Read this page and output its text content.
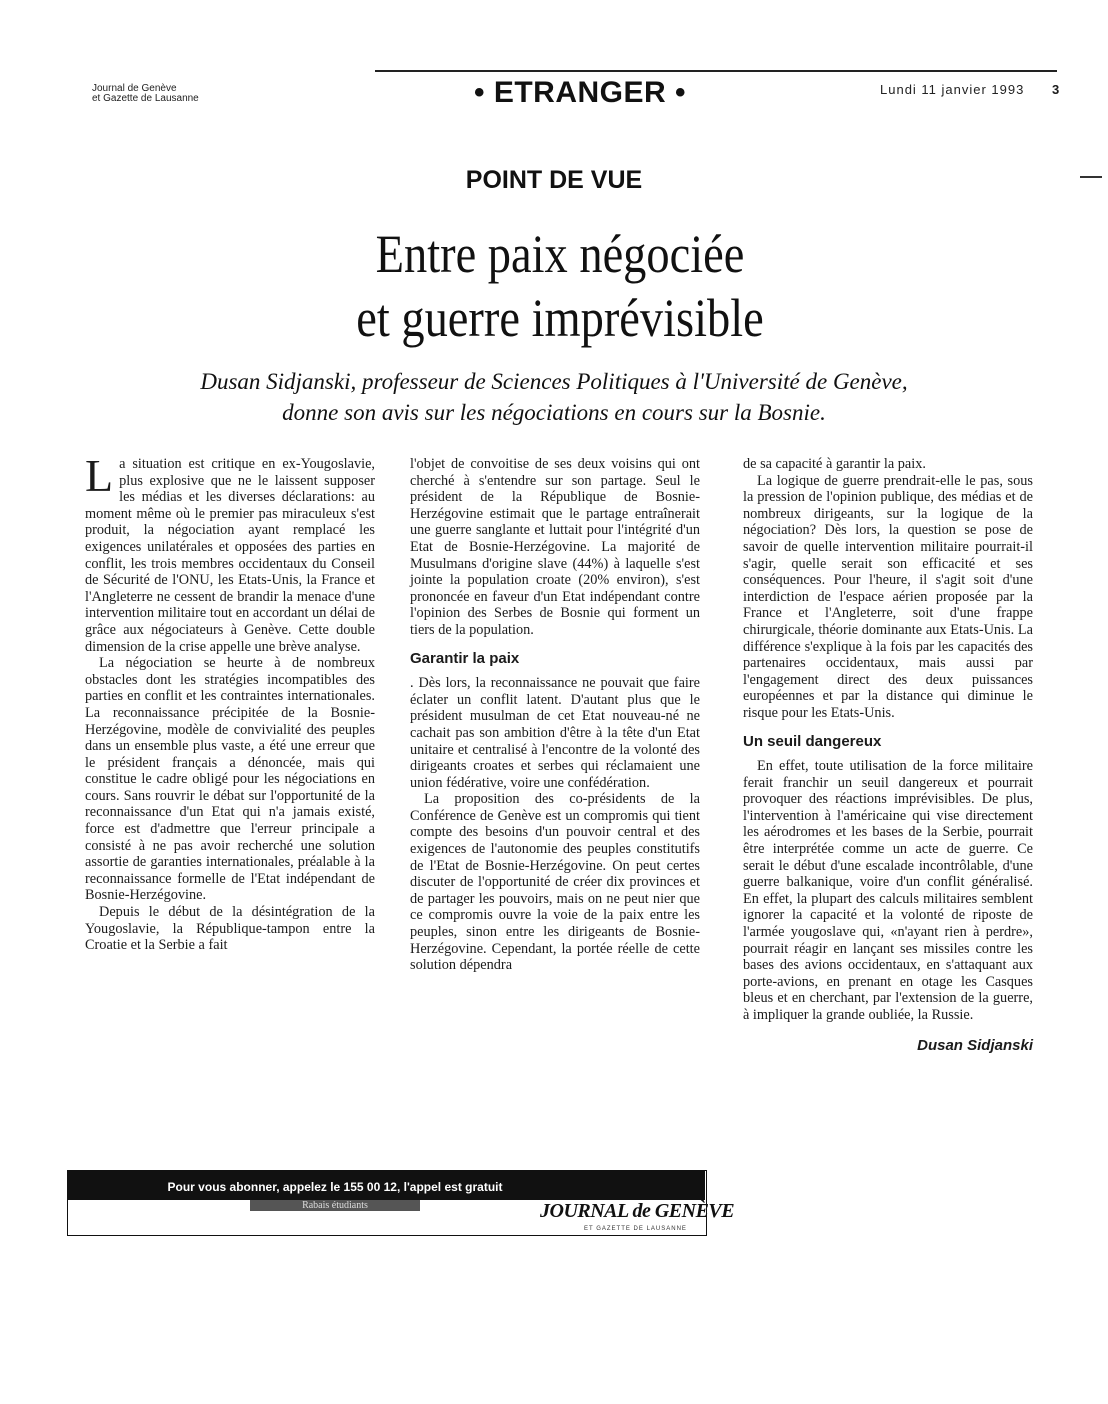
Journal de Genève
et Gazette de Lausanne	• ETRANGER •	Lundi 11 janvier 1993 3
POINT DE VUE
Entre paix négociée
et guerre imprévisible
Dusan Sidjanski, professeur de Sciences Politiques à l'Université de Genève,
donne son avis sur les négociations en cours sur la Bosnie.

La situation est critique en ex-Yougoslavie, plus explosive que ne le laissent supposer les médias et les diverses déclarations: au moment même où le premier pas miraculeux s'est produit, la négociation ayant remplacé les exigences unilatérales et opposées des parties en conflit, les trois membres occidentaux du Conseil de Sécurité de l'ONU, les Etats-Unis, la France et l'Angleterre ne cessent de brandir la menace d'une intervention militaire tout en accordant un délai de grâce aux négociateurs à Genève. Cette double dimension de la crise appelle une brève analyse.

La négociation se heurte à de nombreux obstacles dont les stratégies incompatibles des parties en conflit et les contraintes internationales. La reconnaissance précipitée de la Bosnie-Herzégovine, modèle de convivialité des peuples dans un ensemble plus vaste, a été une erreur que le président français a dénoncée, mais qui constitue le cadre obligé pour les négociations en cours. Sans rouvrir le débat sur l'opportunité de la reconnaissance d'un Etat qui n'a jamais existé, force est d'admettre que l'erreur principale a consisté à ne pas avoir recherché une solution assortie de garanties internationales, préalable à la reconnaissance formelle de l'Etat indépendant de Bosnie-Herzégovine.

Depuis le début de la désintégration de la Yougoslavie, la République-tampon entre la Croatie et la Serbie a fait

l'objet de convoitise de ses deux voisins qui ont cherché à s'entendre sur son partage. Seul le président de la République de Bosnie-Herzégovine estimait que le partage entraînerait une guerre sanglante et luttait pour l'intégrité d'un Etat de Bosnie-Herzégovine. La majorité de Musulmans d'origine slave (44%) à laquelle s'est jointe la population croate (20% environ), s'est prononcée en faveur d'un Etat indépendant contre l'opinion des Serbes de Bosnie qui forment un tiers de la population.

Garantir la paix

. Dès lors, la reconnaissance ne pouvait que faire éclater un conflit latent. D'autant plus que le président musulman de cet Etat nouveau-né ne cachait pas son ambition d'être à la tête d'un Etat unitaire et centralisé à l'encontre de la volonté des dirigeants croates et serbes qui réclamaient une union fédérative, voire une confédération.

La proposition des co-présidents de la Conférence de Genève est un compromis qui tient compte des besoins d'un pouvoir central et des exigences de l'autonomie des peuples constitutifs de l'Etat de Bosnie-Herzégovine. On peut certes discuter de l'opportunité de créer dix provinces et de partager les pouvoirs, mais on ne peut nier que ce compromis ouvre la voie de la paix entre les peuples, sinon entre les dirigeants de Bosnie-Herzégovine. Cependant, la portée réelle de cette solution dépendra

de sa capacité à garantir la paix.

La logique de guerre prendrait-elle le pas, sous la pression de l'opinion publique, des médias et de nombreux dirigeants, sur la logique de la négociation? Dès lors, la question se pose de savoir de quelle intervention militaire pourrait-il s'agir, quelle serait son efficacité et ses conséquences. Pour l'heure, il s'agit soit d'une interdiction de l'espace aérien proposée par la France et l'Angleterre, soit d'une frappe chirurgicale, théorie dominante aux Etats-Unis. La différence s'explique à la fois par les capacités des partenaires occidentaux, mais aussi par l'engagement direct des deux puissances européennes et par la distance qui diminue le risque pour les Etats-Unis.

Un seuil dangereux

En effet, toute utilisation de la force militaire ferait franchir un seuil dangereux et pourrait provoquer des réactions imprévisibles. De plus, l'intervention à l'américaine qui vise directement les aérodromes et les bases de la Serbie, pourrait être interprétée comme un acte de guerre. Ce serait le début d'une escalade incontrôlable, d'une guerre balkanique, voire d'un conflit généralisé. En effet, la plupart des calculs militaires semblent ignorer la capacité et la volonté de riposte de l'armée yougoslave qui, «n'ayant rien à perdre», pourrait réagir en lançant ses missiles contre les bases des avions occidentaux, en s'attaquant aux porte-avions, en prenant en otage les Casques bleus et en cherchant, par l'extension de la guerre, à impliquer la grande oubliée, la Russie.

Dusan Sidjanski
Pour vous abonner, appelez le 155 00 12, l'appel est gratuit
Rabais étudiants	JOURNAL de GENÈVE
ET GAZETTE DE LAUSANNE
